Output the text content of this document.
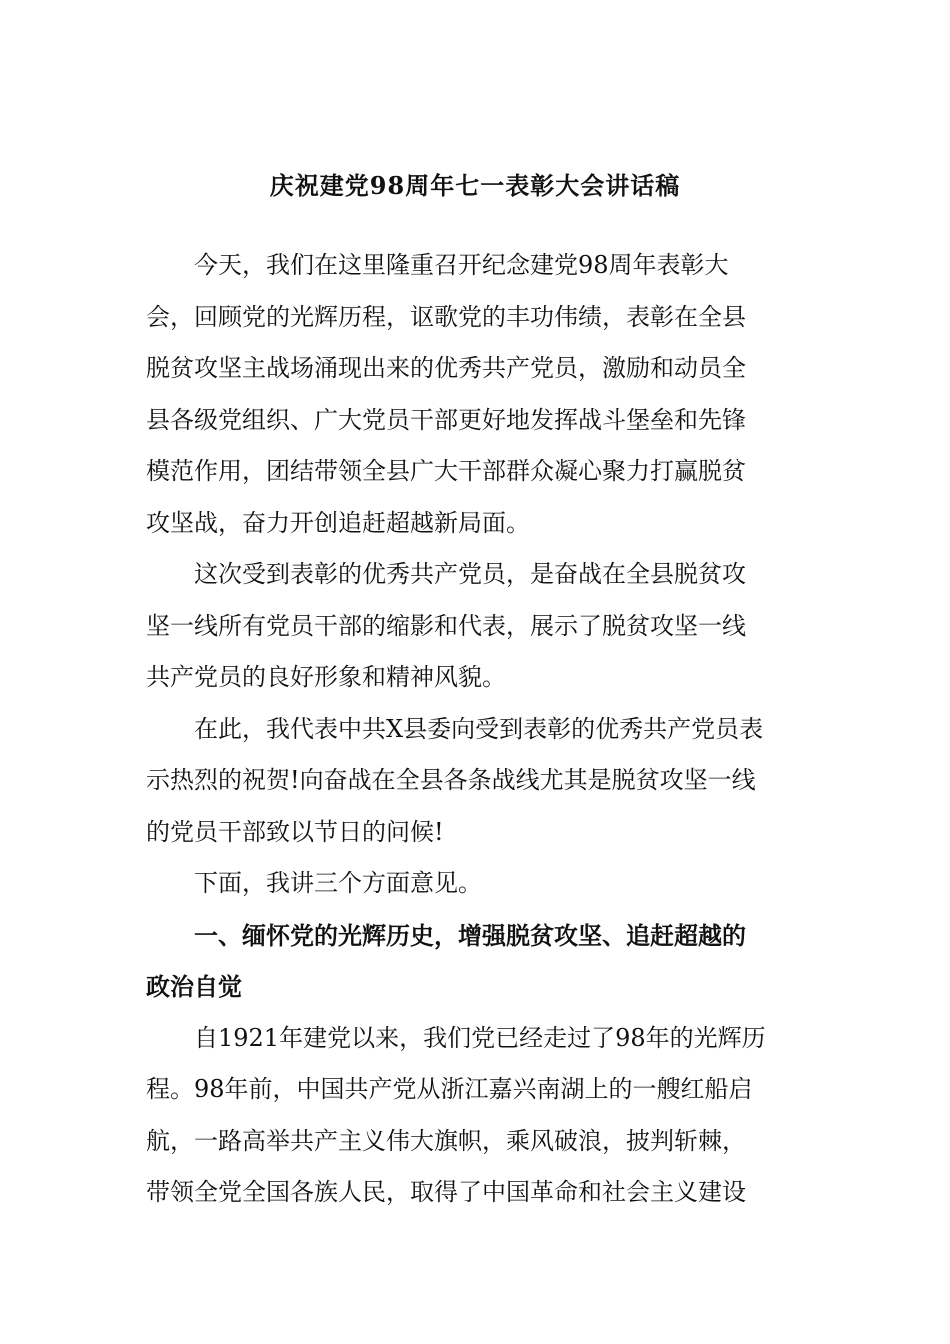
庆祝建党98周年七一表彰大会讲话稿

今天，我们在这里隆重召开纪念建党98周年表彰大
会，回顾党的光辉历程，讴歌党的丰功伟绩，表彰在全县
脱贫攻坚主战场涌现出来的优秀共产党员，激励和动员全
县各级党组织、广大党员干部更好地发挥战斗堡垒和先锋
模范作用，团结带领全县广大干部群众凝心聚力打赢脱贫
攻坚战，奋力开创追赶超越新局面。

这次受到表彰的优秀共产党员，是奋战在全县脱贫攻
坚一线所有党员干部的缩影和代表，展示了脱贫攻坚一线
共产党员的良好形象和精神风貌。

在此，我代表中共X县委向受到表彰的优秀共产党员表
示热烈的祝贺!向奋战在全县各条战线尤其是脱贫攻坚一线
的党员干部致以节日的问候!

下面，我讲三个方面意见。

一、缅怀党的光辉历史，增强脱贫攻坚、追赶超越的
政治自觉

自1921年建党以来，我们党已经走过了98年的光辉历
程。98年前，中国共产党从浙江嘉兴南湖上的一艘红船启
航，一路高举共产主义伟大旗帜，乘风破浪，披判斩棘，
带领全党全国各族人民，取得了中国革命和社会主义建设
